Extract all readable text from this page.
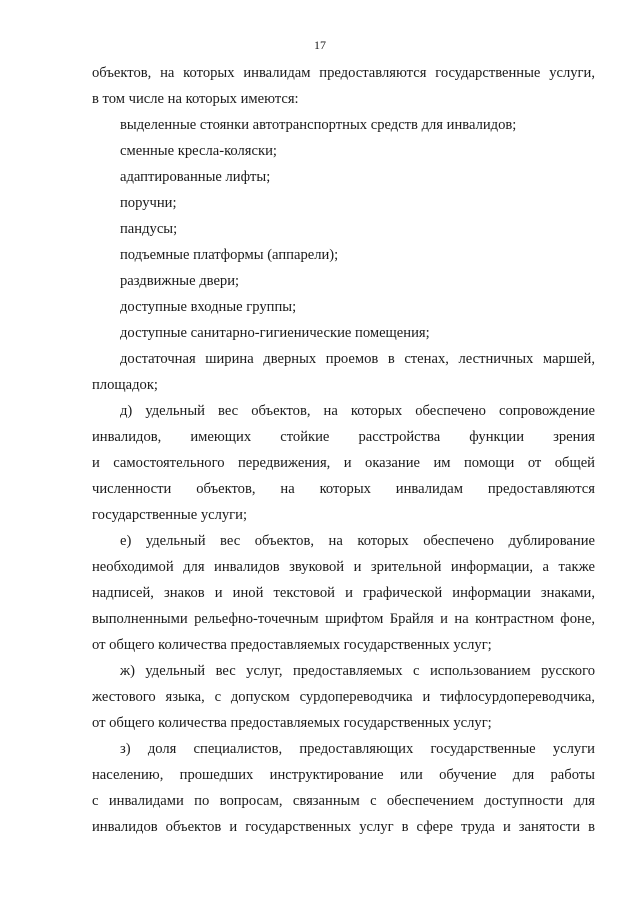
17
объектов, на которых инвалидам предоставляются государственные услуги,
в том числе на которых имеются:
выделенные стоянки автотранспортных средств для инвалидов;
сменные кресла-коляски;
адаптированные лифты;
поручни;
пандусы;
подъемные платформы (аппарели);
раздвижные двери;
доступные входные группы;
доступные санитарно-гигиенические помещения;
достаточная ширина дверных проемов в стенах, лестничных маршей,
площадок;
д) удельный вес объектов, на которых обеспечено сопровождение
инвалидов, имеющих стойкие расстройства функции зрения
и самостоятельного передвижения, и оказание им помощи от общей
численности объектов, на которых инвалидам предоставляются
государственные услуги;
е) удельный вес объектов, на которых обеспечено дублирование
необходимой для инвалидов звуковой и зрительной информации, а также
надписей, знаков и иной текстовой и графической информации знаками,
выполненными рельефно-точечным шрифтом Брайля и на контрастном фоне,
от общего количества предоставляемых государственных услуг;
ж) удельный вес услуг, предоставляемых с использованием русского
жестового языка, с допуском сурдопереводчика и тифлосурдопереводчика,
от общего количества предоставляемых государственных услуг;
з) доля специалистов, предоставляющих государственные услуги
населению, прошедших инструктирование или обучение для работы
с инвалидами по вопросам, связанным с обеспечением доступности для
инвалидов объектов и государственных услуг в сфере труда и занятости в
